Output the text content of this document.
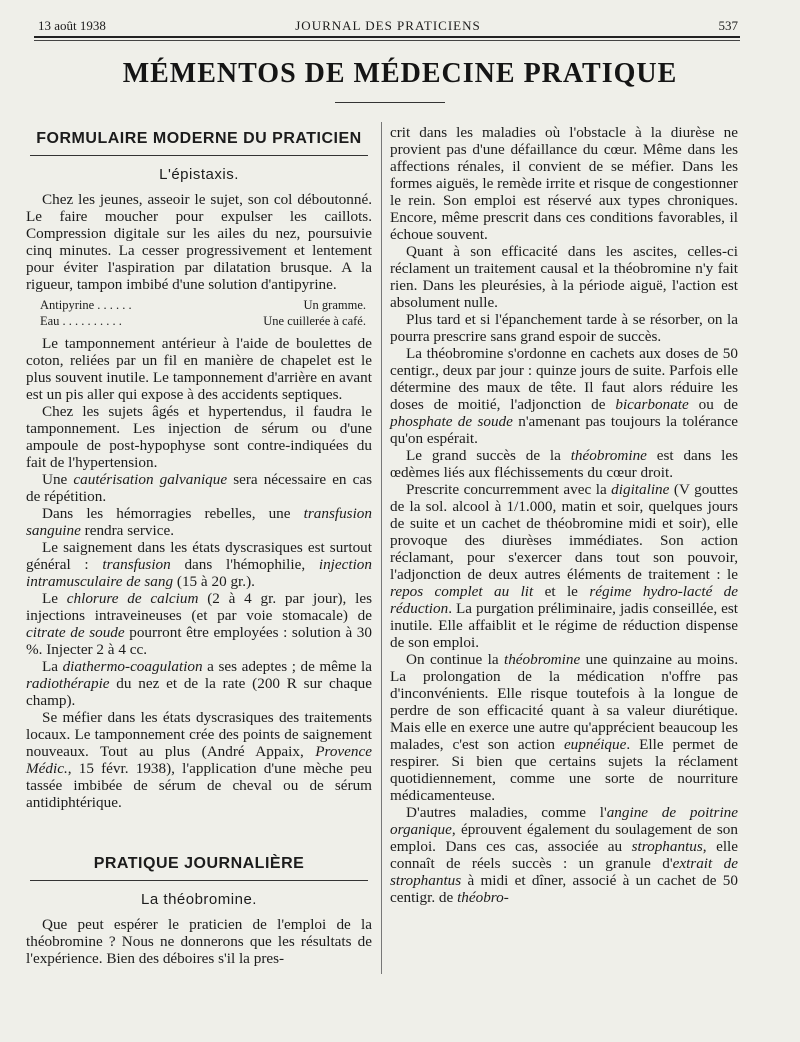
13 août 1938	JOURNAL DES PRATICIENS	537
MÉMENTOS DE MÉDECINE PRATIQUE
FORMULAIRE MODERNE DU PRATICIEN
L'épistaxis.

Chez les jeunes, asseoir le sujet, son col déboutonné. Le faire moucher pour expulser les caillots. Compression digitale sur les ailes du nez, poursuivie cinq minutes. La cesser progressivement et lentement pour éviter l'aspiration par dilatation brusque. A la rigueur, tampon imbibé d'une solution d'antipyrine.

Antipyrine . . . . . .	Un gramme.
Eau . . . . . . . . . .	Une cuillerée à café.

Le tamponnement antérieur à l'aide de boulettes de coton, reliées par un fil en manière de chapelet est le plus souvent inutile. Le tamponnement d'arrière en avant est un pis aller qui expose à des accidents septiques.

Chez les sujets âgés et hypertendus, il faudra le tamponnement. Les injection de sérum ou d'une ampoule de post-hypophyse sont contre-indiquées du fait de l'hypertension.

Une cautérisation galvanique sera nécessaire en cas de répétition.

Dans les hémorragies rebelles, une transfusion sanguine rendra service.

Le saignement dans les états dyscrasiques est surtout général : transfusion dans l'hémophilie, injection intramusculaire de sang (15 à 20 gr.).

Le chlorure de calcium (2 à 4 gr. par jour), les injections intraveineuses (et par voie stomacale) de citrate de soude pourront être employées : solution à 30 %. Injecter 2 à 4 cc.

La diathermo-coagulation a ses adeptes ; de même la radiothérapie du nez et de la rate (200 R sur chaque champ).

Se méfier dans les états dyscrasiques des traitements locaux. Le tamponnement crée des points de saignement nouveaux. Tout au plus (André Appaix, Provence Médic., 15 févr. 1938), l'application d'une mèche peu tassée imbibée de sérum de cheval ou de sérum antidiphtérique.

PRATIQUE JOURNALIÈRE
La théobromine.

Que peut espérer le praticien de l'emploi de la théobromine ? Nous ne donnerons que les résultats de l'expérience. Bien des déboires s'il la pres-

crit dans les maladies où l'obstacle à la diurèse ne provient pas d'une défaillance du cœur. Même dans les affections rénales, il convient de se méfier. Dans les formes aiguës, le remède irrite et risque de congestionner le rein. Son emploi est réservé aux types chroniques. Encore, même prescrit dans ces conditions favorables, il échoue souvent.

Quant à son efficacité dans les ascites, celles-ci réclament un traitement causal et la théobromine n'y fait rien. Dans les pleurésies, à la période aiguë, l'action est absolument nulle.

Plus tard et si l'épanchement tarde à se résorber, on la pourra prescrire sans grand espoir de succès.

La théobromine s'ordonne en cachets aux doses de 50 centigr., deux par jour : quinze jours de suite. Parfois elle détermine des maux de tête. Il faut alors réduire les doses de moitié, l'adjonction de bicarbonate ou de phosphate de soude n'amenant pas toujours la tolérance qu'on espérait.

Le grand succès de la théobromine est dans les œdèmes liés aux fléchissements du cœur droit.

Prescrite concurremment avec la digitaline (V gouttes de la sol. alcool à 1/1.000, matin et soir, quelques jours de suite et un cachet de théobromine midi et soir), elle provoque des diurèses immédiates. Son action réclamant, pour s'exercer dans tout son pouvoir, l'adjonction de deux autres éléments de traitement : le repos complet au lit et le régime hydro-lacté de réduction. La purgation préliminaire, jadis conseillée, est inutile. Elle affaiblit et le régime de réduction dispense de son emploi.

On continue la théobromine une quinzaine au moins. La prolongation de la médication n'offre pas d'inconvénients. Elle risque toutefois à la longue de perdre de son efficacité quant à sa valeur diurétique. Mais elle en exerce une autre qu'apprécient beaucoup les malades, c'est son action eupnéique. Elle permet de respirer. Si bien que certains sujets la réclament quotidiennement, comme une sorte de nourriture médicamenteuse.

D'autres maladies, comme l'angine de poitrine organique, éprouvent également du soulagement de son emploi. Dans ces cas, associée au strophantus, elle connaît de réels succès : un granule d'extrait de strophantus à midi et dîner, associé à un cachet de 50 centigr. de théobro-
